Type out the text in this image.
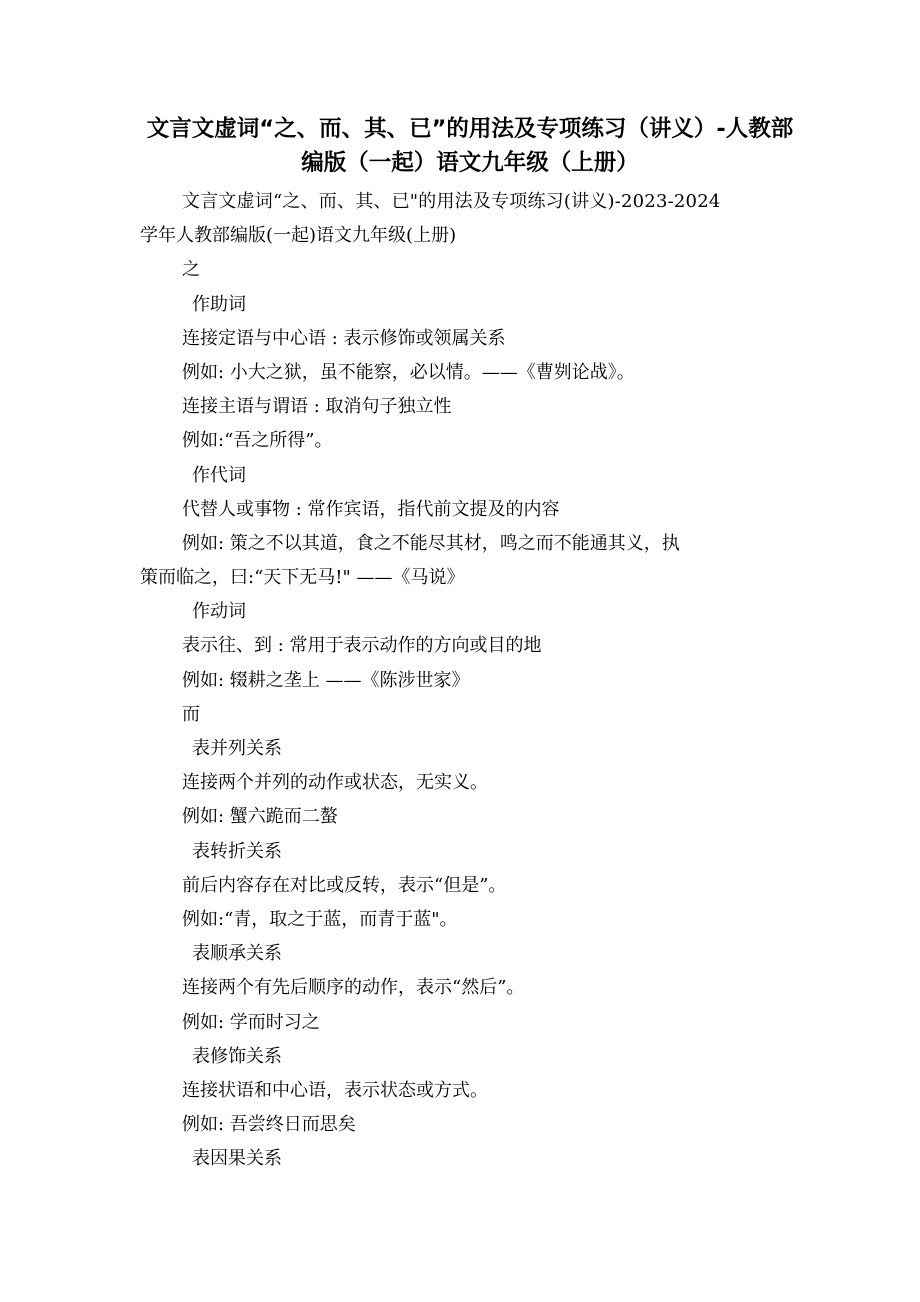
文言文虚词“之、而、其、已”的用法及专项练习（讲义）-人教部编版（一起）语文九年级（上册）
文言文虚词“之、而、其、已"的用法及专项练习(讲义)-2023-2024
学年人教部编版(一起)语文九年级(上册)
之
作助词
连接定语与中心语 : 表示修饰或领属关系
例如: 小大之狱，虽不能察，必以情。——《曹刿论战》。
连接主语与谓语 : 取消句子独立性
例如:“吾之所得”。
作代词
代替人或事物 : 常作宾语，指代前文提及的内容
例如: 策之不以其道，食之不能尽其材，鸣之而不能通其义，执
策而临之，曰:“天下无马!" ——《马说》
作动词
表示往、到 : 常用于表示动作的方向或目的地
例如: 辍耕之垄上 ——《陈涉世家》
而
表并列关系
连接两个并列的动作或状态，无实义。
例如: 蟹六跪而二螯
表转折关系
前后内容存在对比或反转，表示“但是”。
例如:“青，取之于蓝，而青于蓝"。
表顺承关系
连接两个有先后顺序的动作，表示“然后”。
例如: 学而时习之
表修饰关系
连接状语和中心语，表示状态或方式。
例如: 吾尝终日而思矣
表因果关系
